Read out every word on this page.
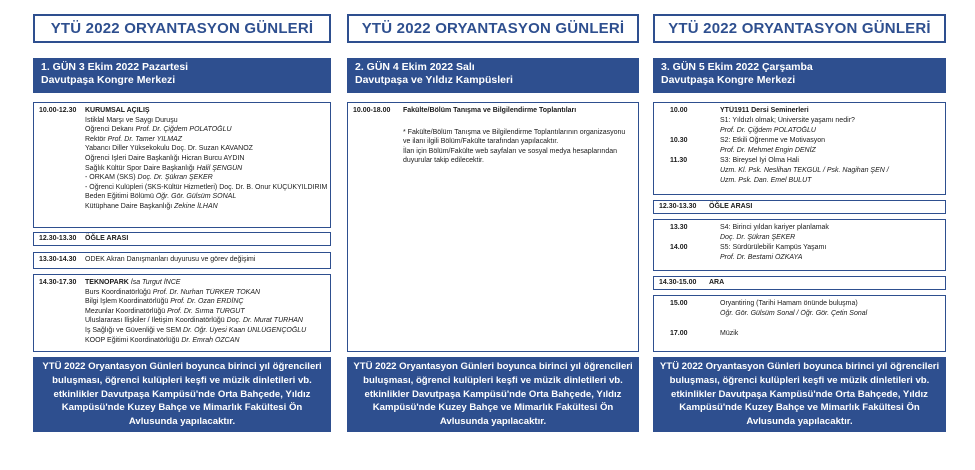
YTÜ 2022 ORYANTASYON GÜNLERİ
1. GÜN 3 Ekim 2022 Pazartesi
Davutpaşa Kongre Merkezi
10.00-12.30	KURUMSAL AÇILIŞ
İstiklal Marşı ve Saygı Duruşu
Öğrenci Dekanı Prof. Dr. Çiğdem POLATOĞLU
Rektör Prof. Dr. Tamer YILMAZ
Yabancı Diller Yüksekokulu Doç. Dr. Suzan KAVANOZ
Öğrenci İşleri Daire Başkanlığı Hicran Burcu AYDIN
Sağlık Kültür Spor Daire Başkanlığı Halil ŞENGÜN
- ÖRKAM (SKS) Doç. Dr. Şükran ŞEKER
- Öğrenci Kulüpleri (SKS-Kültür Hizmetleri) Doç. Dr. B. Onur KÜÇÜKYILDIRIM
Beden Eğitimi Bölümü Öğr. Gör. Gülsüm SONAL
Kütüphane Daire Başkanlığı Zekine İLHAN
12.30-13.30	ÖĞLE ARASI
13.30-14.30	ODEK Akran Danışmanları duyurusu ve görev değişimi
14.30-17.30	TEKNOPARK İsa Turgut İNCE
Burs Koordinatörlüğü Prof. Dr. Nurhan TÜRKER TOKAN
Bilgi İşlem Koordinatörlüğü Prof. Dr. Ozan ERDİNÇ
Mezunlar Koordinatörlüğü Prof. Dr. Sırma TURGUT
Uluslararası İlişkiler / İletişim Koordinatörlüğü Doç. Dr. Murat TURHAN
İş Sağlığı ve Güvenliği ve SEM Dr. Öğr. Üyesi Kaan ÜNLÜGENÇOĞLU
KOOP Eğitimi Koordinatörlüğü Dr. Emrah ÖZCAN
YTÜ 2022 Oryantasyon Günleri boyunca birinci yıl öğrencileri buluşması, öğrenci kulüpleri keşfi ve müzik dinletileri vb. etkinlikler Davutpaşa Kampüsü'nde Orta Bahçede, Yıldız Kampüsü'nde Kuzey Bahçe ve Mimarlık Fakültesi Ön Avlusunda yapılacaktır.
YTÜ 2022 ORYANTASYON GÜNLERİ
2. GÜN 4 Ekim 2022 Salı
Davutpaşa ve Yıldız Kampüsleri
10.00-18.00	Fakülte/Bölüm Tanışma ve Bilgilendirme Toplantıları
* Fakülte/Bölüm Tanışma ve Bilgilendirme Toplantılarının organizasyonu
ve ilanı ilgili Bölüm/Fakülte tarafından yapılacaktır.
İlan için Bölüm/Fakülte web sayfaları ve sosyal medya hesaplarından
duyurular takip edilecektir.
YTÜ 2022 Oryantasyon Günleri boyunca birinci yıl öğrencileri buluşması, öğrenci kulüpleri keşfi ve müzik dinletileri vb. etkinlikler Davutpaşa Kampüsü'nde Orta Bahçede, Yıldız Kampüsü'nde Kuzey Bahçe ve Mimarlık Fakültesi Ön Avlusunda yapılacaktır.
YTÜ 2022 ORYANTASYON GÜNLERİ
3. GÜN 5 Ekim 2022 Çarşamba
Davutpaşa Kongre Merkezi
10.00	YTÜ1911 Dersi Seminerleri
S1: Yıldızlı olmak; Üniversite yaşamı nedir?
Prof. Dr. Çiğdem POLATOĞLU
10.30	S2: Etkili Öğrenme ve Motivasyon
Prof. Dr. Mehmet Engin DENİZ
11.30	S3: Bireysel İyi Olma Hali
Uzm. Kl. Psk. Neslihan TEKGÜL / Psk. Nagihan ŞEN /
Uzm. Psk. Dan. Emel BULUT
12.30-13.30	ÖĞLE ARASI
13.30	S4: Birinci yıldan kariyer planlamak
Doç. Dr. Şükran ŞEKER
14.00	S5: Sürdürülebilir Kampüs Yaşamı
Prof. Dr. Bestami ÖZKAYA
14.30-15.00	ARA
15.00	Oryantiring (Tarihi Hamam önünde buluşma)
Öğr. Gör. Gülsüm Sonal / Öğr. Gör. Çetin Sonal

17.00	Müzik
YTÜ 2022 Oryantasyon Günleri boyunca birinci yıl öğrencileri buluşması, öğrenci kulüpleri keşfi ve müzik dinletileri vb. etkinlikler Davutpaşa Kampüsü'nde Orta Bahçede, Yıldız Kampüsü'nde Kuzey Bahçe ve Mimarlık Fakültesi Ön Avlusunda yapılacaktır.
